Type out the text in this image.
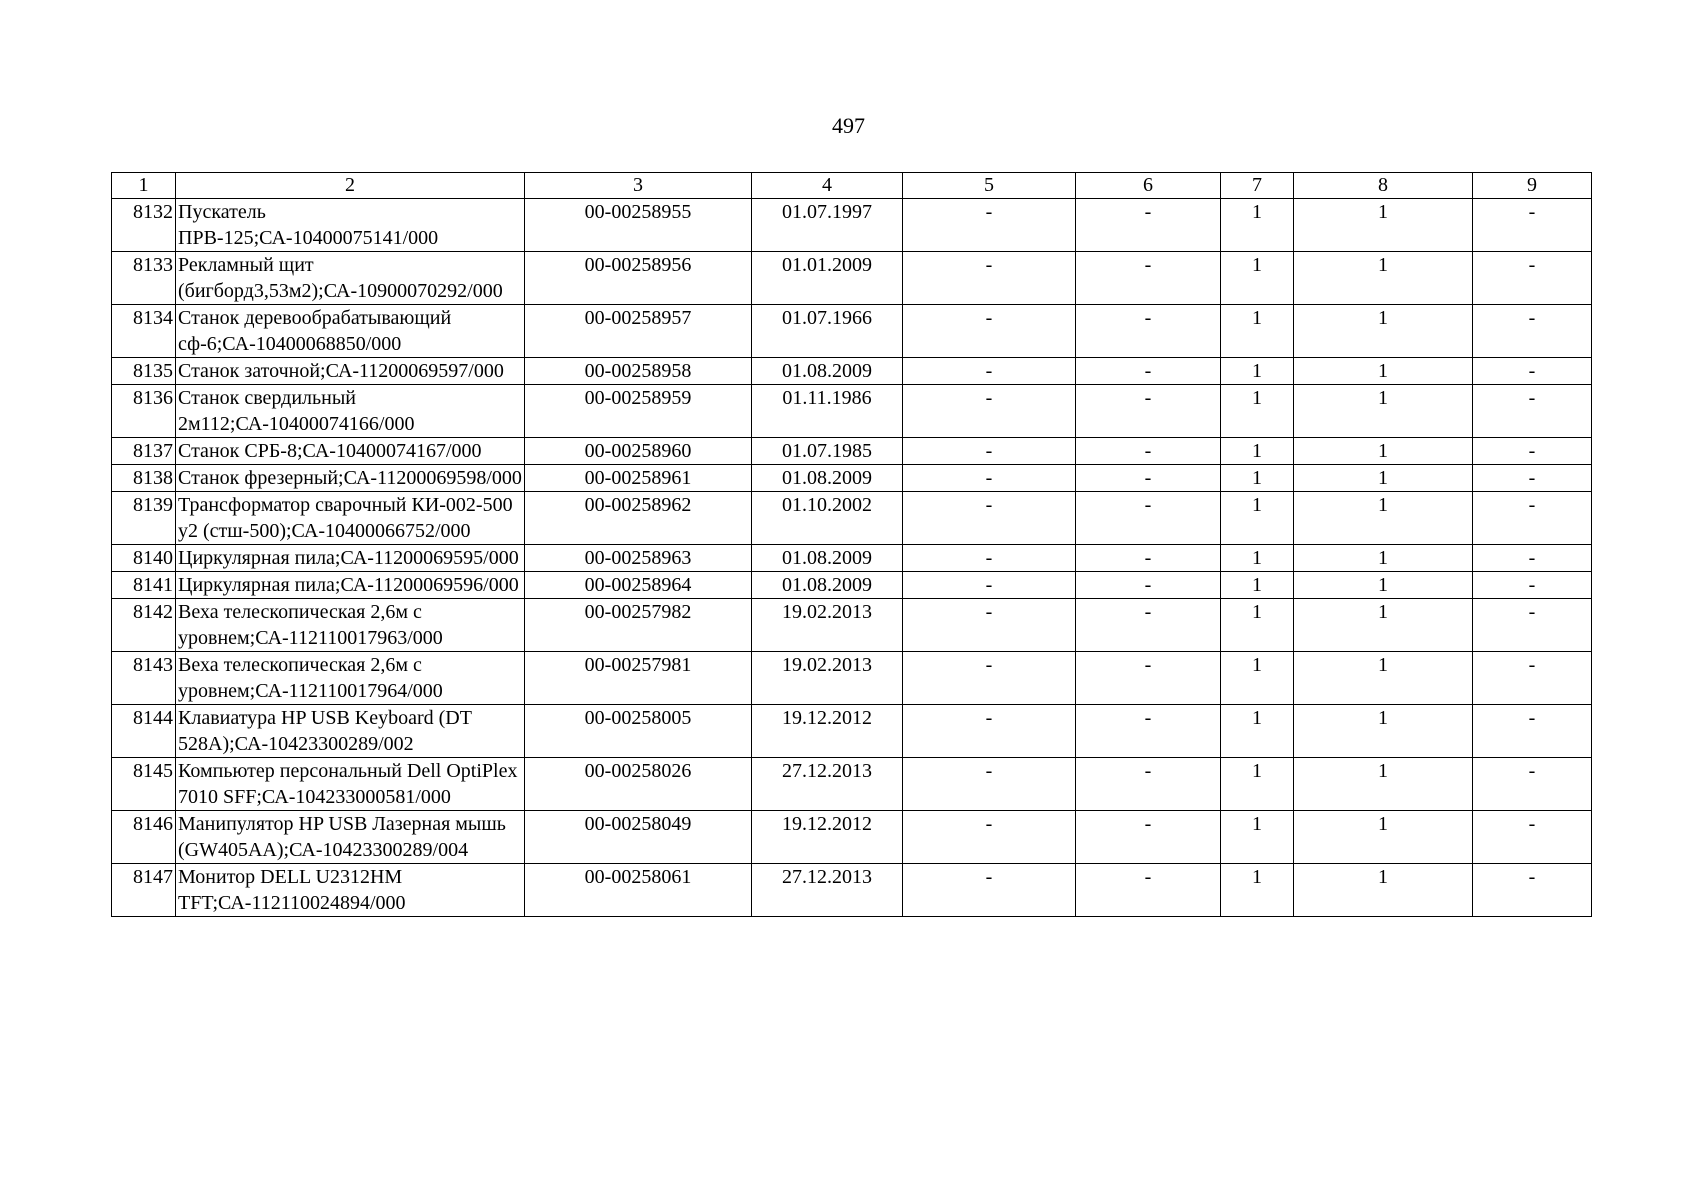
497
1	2	3	4	5	6	7	8	9
8132	Пускатель ПРВ-125;СА-10400075141/000	00-00258955	01.07.1997	-	-	1	1	-
8133	Рекламный щит (бигборд3,53м2);СА-10900070292/000	00-00258956	01.01.2009	-	-	1	1	-
8134	Станок деревообрабатывающий сф-6;СА-10400068850/000	00-00258957	01.07.1966	-	-	1	1	-
8135	Станок заточной;СА-11200069597/000	00-00258958	01.08.2009	-	-	1	1	-
8136	Станок свердильный 2м112;СА-10400074166/000	00-00258959	01.11.1986	-	-	1	1	-
8137	Станок СРБ-8;СА-10400074167/000	00-00258960	01.07.1985	-	-	1	1	-
8138	Станок фрезерный;СА-11200069598/000	00-00258961	01.08.2009	-	-	1	1	-
8139	Трансформатор сварочный КИ-002-500 у2 (стш-500);СА-10400066752/000	00-00258962	01.10.2002	-	-	1	1	-
8140	Циркулярная пила;СА-11200069595/000	00-00258963	01.08.2009	-	-	1	1	-
8141	Циркулярная пила;СА-11200069596/000	00-00258964	01.08.2009	-	-	1	1	-
8142	Веха телескопическая 2,6м с уровнем;СА-112110017963/000	00-00257982	19.02.2013	-	-	1	1	-
8143	Веха телескопическая 2,6м с уровнем;СА-112110017964/000	00-00257981	19.02.2013	-	-	1	1	-
8144	Клавиатура HP USB Keyboard (DT 528A);СА-10423300289/002	00-00258005	19.12.2012	-	-	1	1	-
8145	Компьютер персональный Dell OptiPlex 7010 SFF;СА-104233000581/000	00-00258026	27.12.2013	-	-	1	1	-
8146	Манипулятор HP USB Лазерная мышь (GW405AA);СА-10423300289/004	00-00258049	19.12.2012	-	-	1	1	-
8147	Монитор DELL U2312HM TFT;СА-112110024894/000	00-00258061	27.12.2013	-	-	1	1	-
